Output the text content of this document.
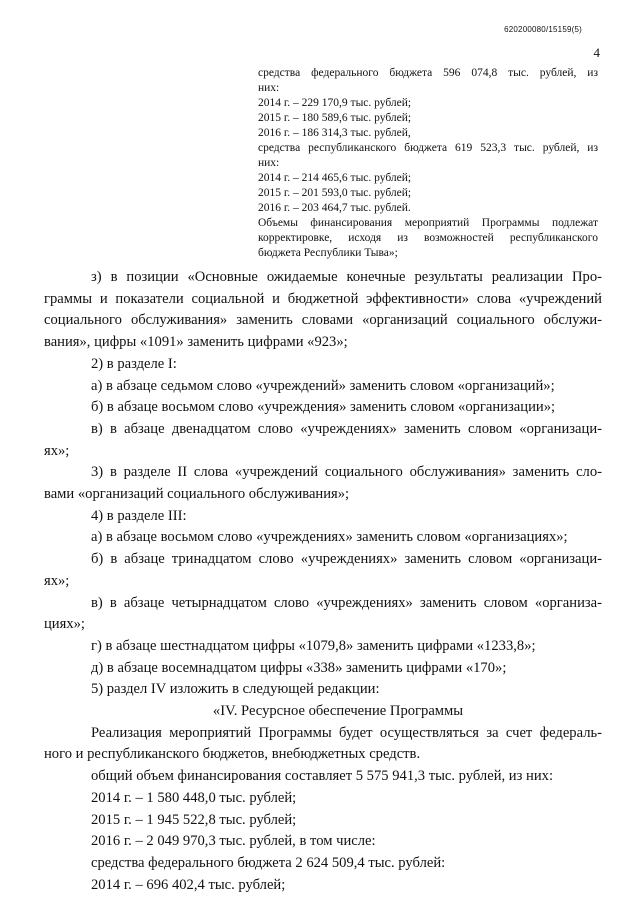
620200080/15159(5)
4
средства федерального бюджета 596 074,8 тыс. рублей, из
них:
2014 г. – 229 170,9 тыс. рублей;
2015 г. – 180 589,6 тыс. рублей;
2016 г. – 186 314,3 тыс. рублей,
средства республиканского бюджета 619 523,3 тыс. рублей, из
них:
2014 г. – 214 465,6 тыс. рублей;
2015 г. – 201 593,0 тыс. рублей;
2016 г. – 203 464,7 тыс. рублей.
Объемы финансирования мероприятий Программы подлежат
корректировке, исходя из возможностей республиканского
бюджета Республики Тыва»;
з) в позиции «Основные ожидаемые конечные результаты реализации Про-
граммы и показатели социальной и бюджетной эффективности» слова «учреждений
социального обслуживания» заменить словами «организаций социального обслужи-
вания», цифры «1091» заменить цифрами «923»;
2) в разделе I:
а) в абзаце седьмом слово «учреждений» заменить словом «организаций»;
б) в абзаце восьмом слово «учреждения» заменить словом «организации»;
в) в абзаце двенадцатом слово «учреждениях» заменить словом «организаци-
ях»;
3) в разделе II слова «учреждений социального обслуживания» заменить сло-
вами «организаций социального обслуживания»;
4) в разделе III:
а) в абзаце восьмом слово «учреждениях» заменить словом «организациях»;
б) в абзаце тринадцатом слово «учреждениях» заменить словом «организаци-
ях»;
в) в абзаце четырнадцатом слово «учреждениях» заменить словом «организа-
циях»;
г) в абзаце шестнадцатом цифры «1079,8» заменить цифрами «1233,8»;
д) в абзаце восемнадцатом цифры «338» заменить цифрами «170»;
5) раздел IV изложить в следующей редакции:
«IV. Ресурсное обеспечение Программы
Реализация мероприятий Программы будет осуществляться за счет федераль-
ного и республиканского бюджетов, внебюджетных средств.
общий объем финансирования составляет 5 575 941,3 тыс. рублей, из них:
2014 г. – 1 580 448,0 тыс. рублей;
2015 г. – 1 945 522,8 тыс. рублей;
2016 г. – 2 049 970,3 тыс. рублей, в том числе:
средства федерального бюджета 2 624 509,4 тыс. рублей:
2014 г. – 696 402,4 тыс. рублей;
